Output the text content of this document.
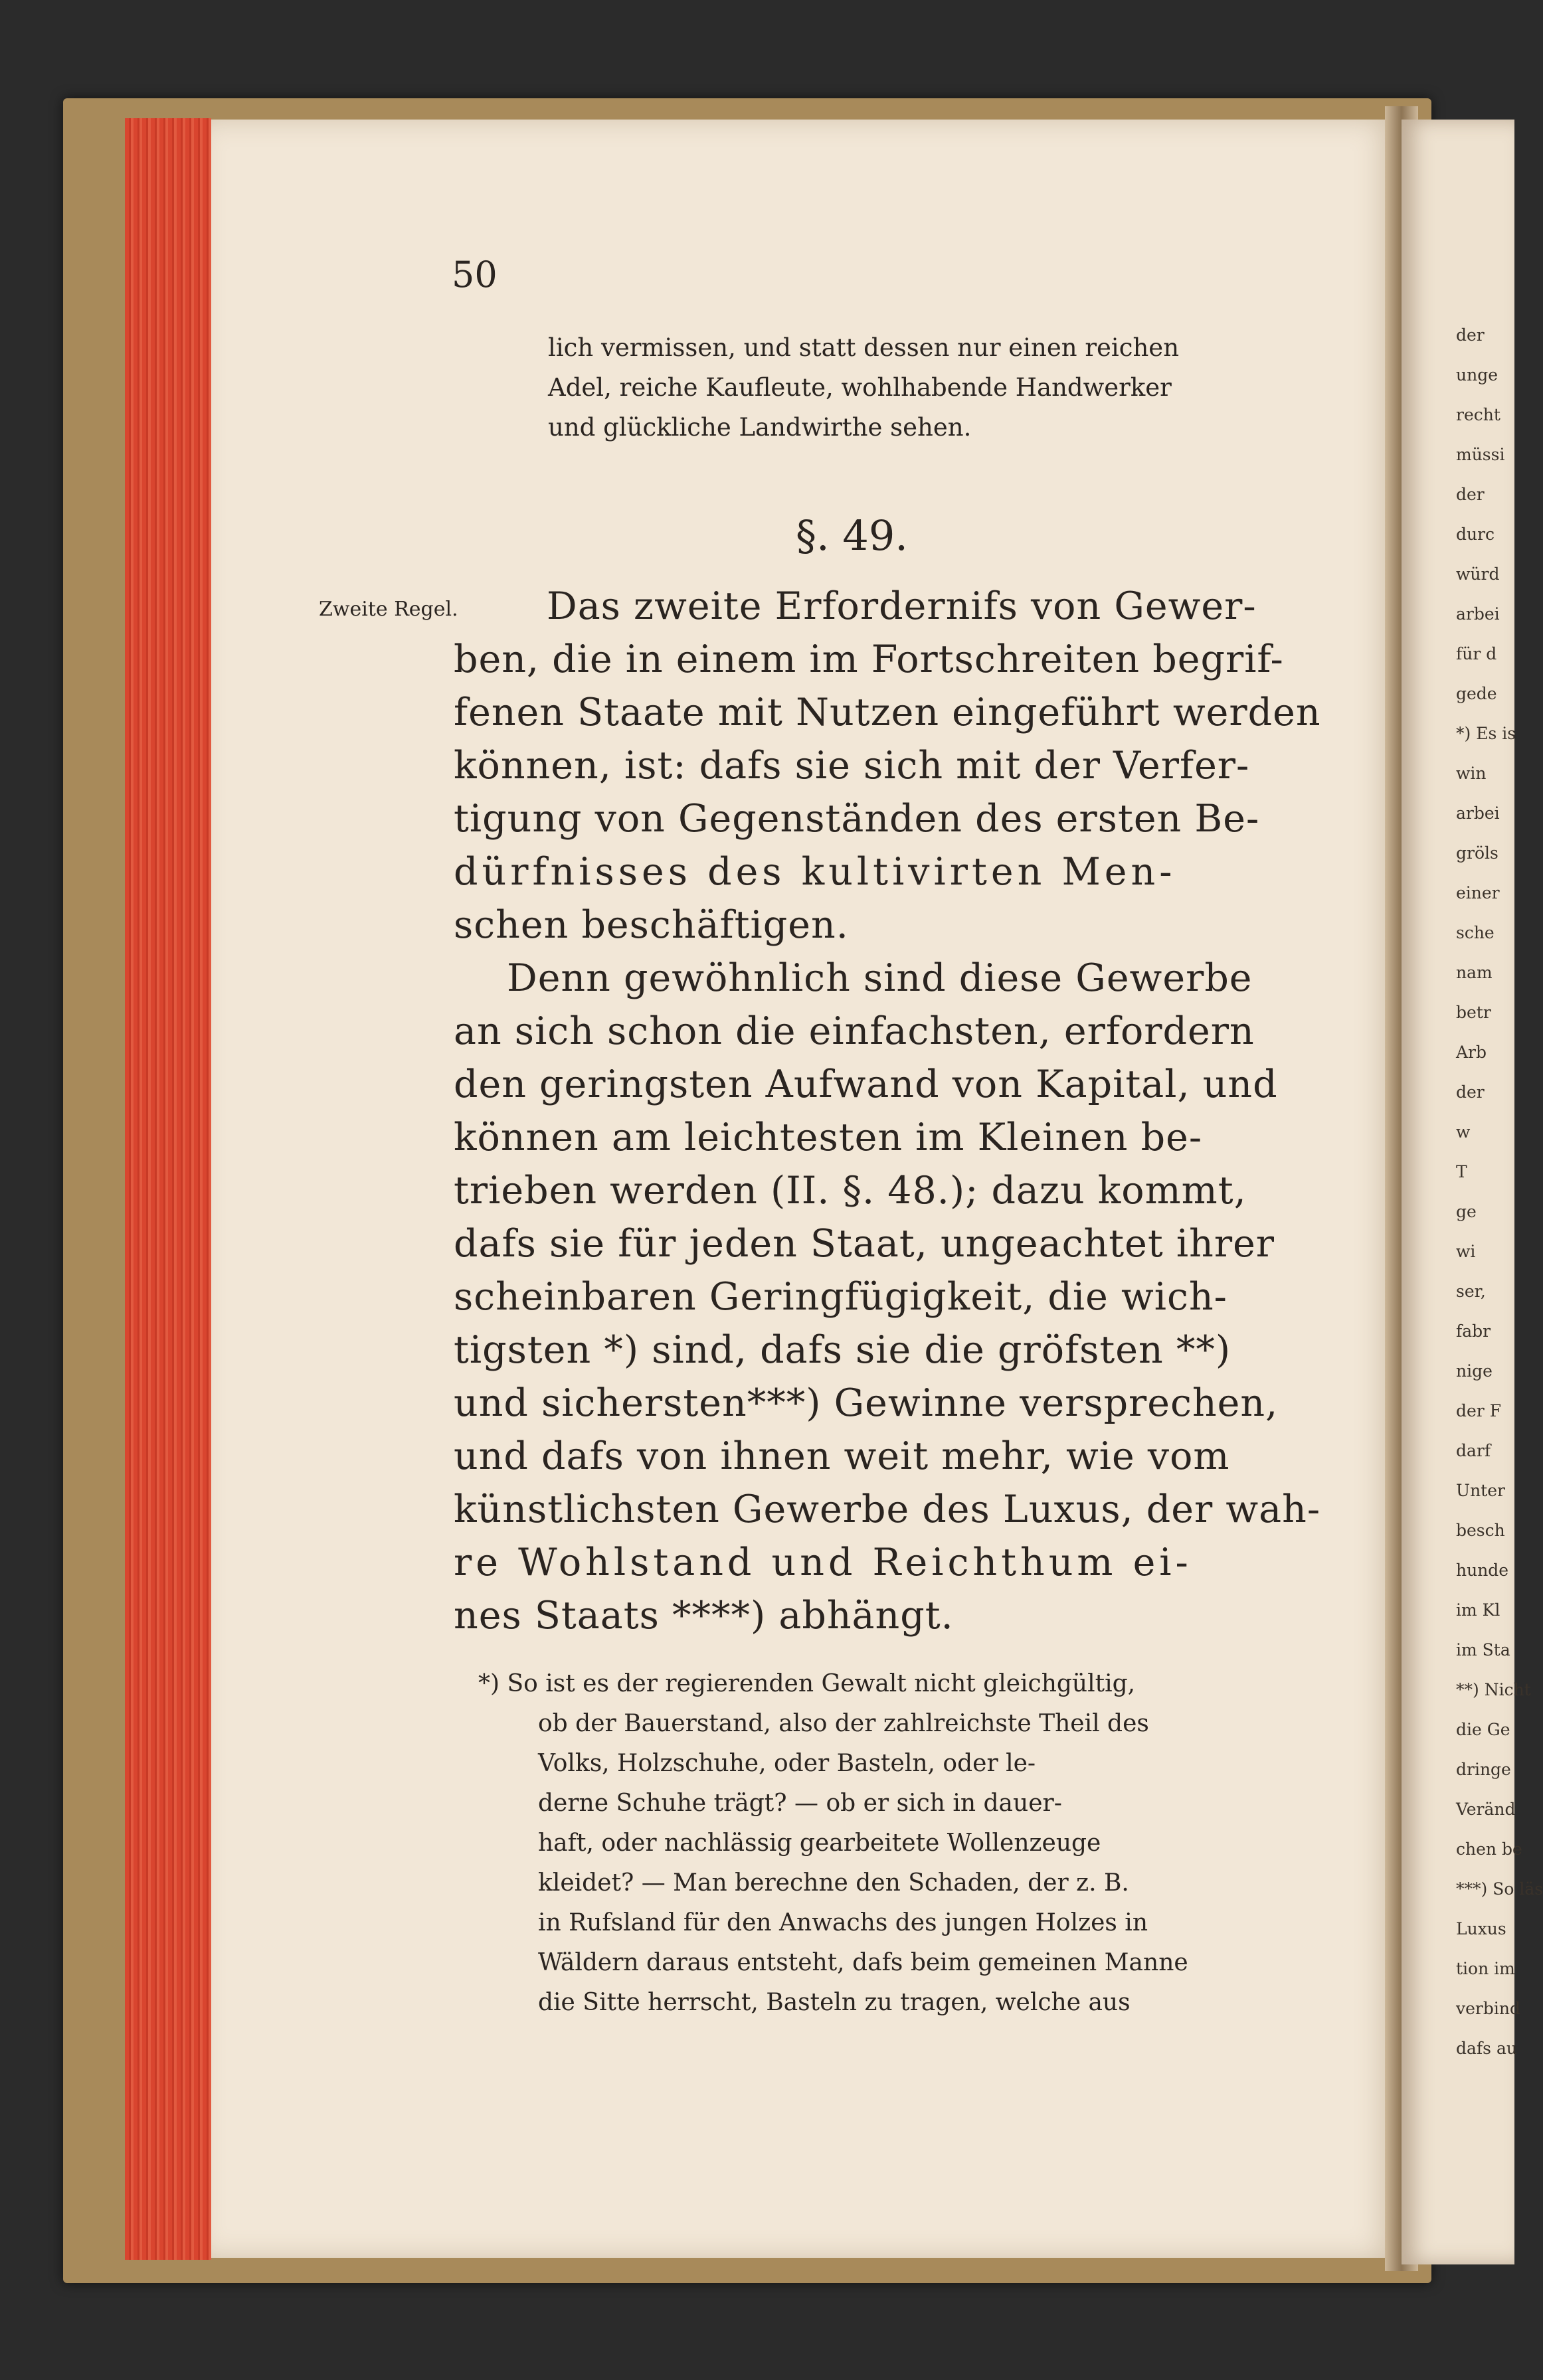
50
lich vermissen, und statt dessen nur einen reichen
Adel, reiche Kaufleute, wohlhabende Handwerker
und glückliche Landwirthe sehen.
§. 49.
Zweite Regel. Das zweite Erfordernifs von Gewer-
ben, die in einem im Fortschreiten begrif-
fenen Staate mit Nutzen eingeführt werden
können, ist: dafs sie sich mit der Verfer-
tigung von Gegenständen des ersten Be-
dürfnisses des kultivirten Men-
schen beschäftigen.
Denn gewöhnlich sind diese Gewerbe
an sich schon die einfachsten, erfordern
den geringsten Aufwand von Kapital, und
können am leichtesten im Kleinen be-
trieben werden (II. §. 48.); dazu kommt,
dafs sie für jeden Staat, ungeachtet ihrer
scheinbaren Geringfügigkeit, die wich-
tigsten *) sind, dafs sie die gröfsten **)
und sichersten***) Gewinne versprechen,
und dafs von ihnen weit mehr, wie vom
künstlichsten Gewerbe des Luxus, der wah-
re Wohlstand und Reichthum ei-
nes Staats ****) abhängt.
*) So ist es der regierenden Gewalt nicht gleichgültig,
ob der Bauerstand, also der zahlreichste Theil des
Volks, Holzschuhe, oder Basteln, oder le-
derne Schuhe trägt? — ob er sich in dauer-
haft, oder nachlässig gearbeitete Wollenzeuge
kleidet? — Man berechne den Schaden, der z. B.
in Rufsland für den Anwachs des jungen Holzes in
Wäldern daraus entsteht, dafs beim gemeinen Manne
die Sitte herrscht, Basteln zu tragen, welche aus
der
unge
recht
müssi
der
durc
würd
arbei
für d
gede
*) Es is
win
arbei
gröls
einer
sche
nam
betr
Arb
der
w
T
ge
wi
ser,
fabr
nige
der F
darf
Unter
besch
hunde
im Kl
im Sta
**) Nicht
die Ge
dringe
Veränd
chen be
***) So läs
Luxus
tion im
verbind
dafs au
